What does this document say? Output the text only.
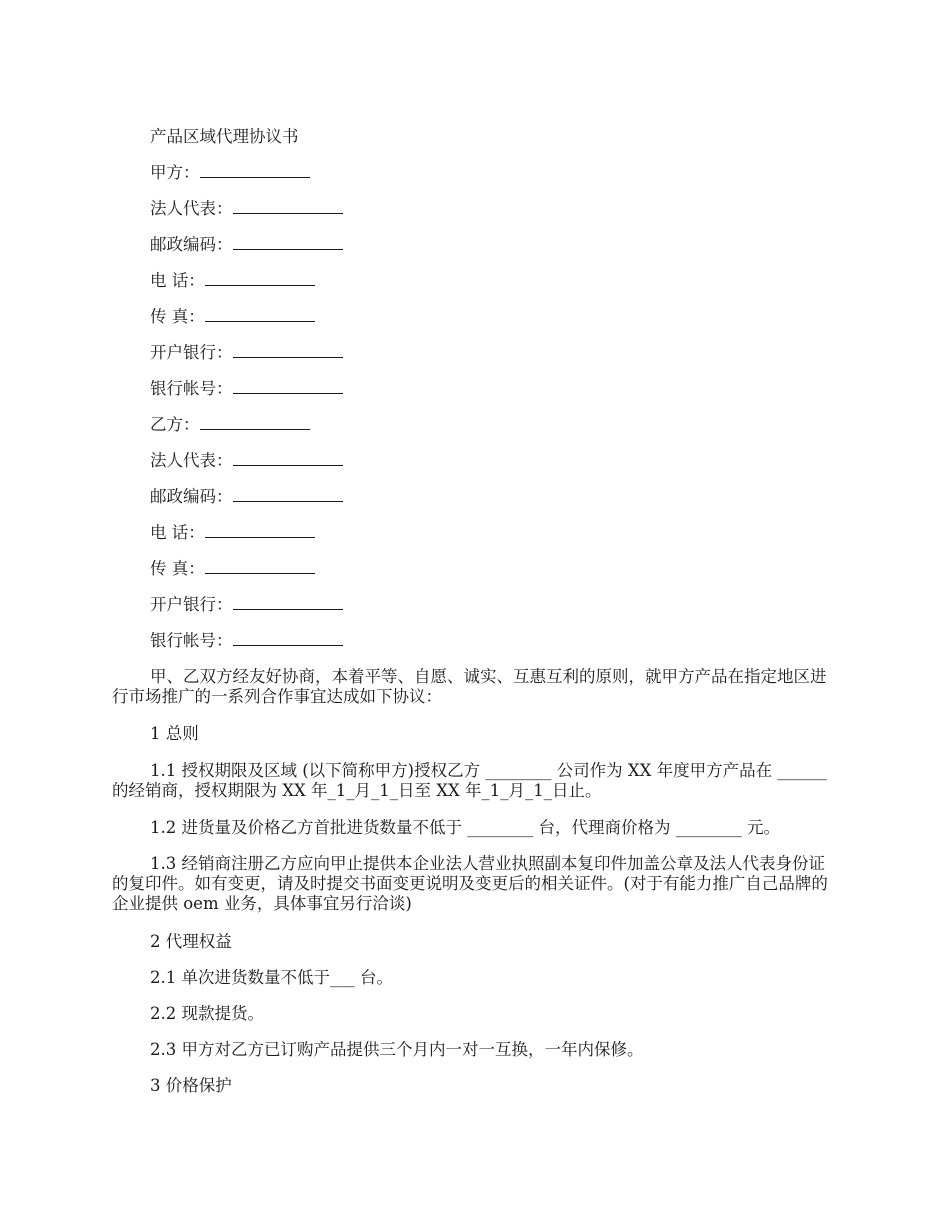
产品区域代理协议书
甲方：
法人代表：
邮政编码：
电 话：
传 真：
开户银行：
银行帐号：
乙方：
法人代表：
邮政编码：
电 话：
传 真：
开户银行：
银行帐号：
甲、乙双方经友好协商，本着平等、自愿、诚实、互惠互利的原则，就甲方产品在指定地区进行市场推广的一系列合作事宜达成如下协议：
1 总则
1.1 授权期限及区域 (以下简称甲方)授权乙方 ________ 公司作为 XX 年度甲方产品在 ______ 的经销商，授权期限为 XX 年_1_月_1_日至 XX 年_1_月_1_日止。
1.2 进货量及价格乙方首批进货数量不低于 ________ 台，代理商价格为 ________ 元。
1.3 经销商注册乙方应向甲止提供本企业法人营业执照副本复印件加盖公章及法人代表身份证的复印件。如有变更，请及时提交书面变更说明及变更后的相关证件。(对于有能力推广自己品牌的企业提供 oem 业务，具体事宜另行洽谈)
2 代理权益
2.1 单次进货数量不低于___ 台。
2.2 现款提货。
2.3 甲方对乙方已订购产品提供三个月内一对一互换，一年内保修。
3 价格保护
